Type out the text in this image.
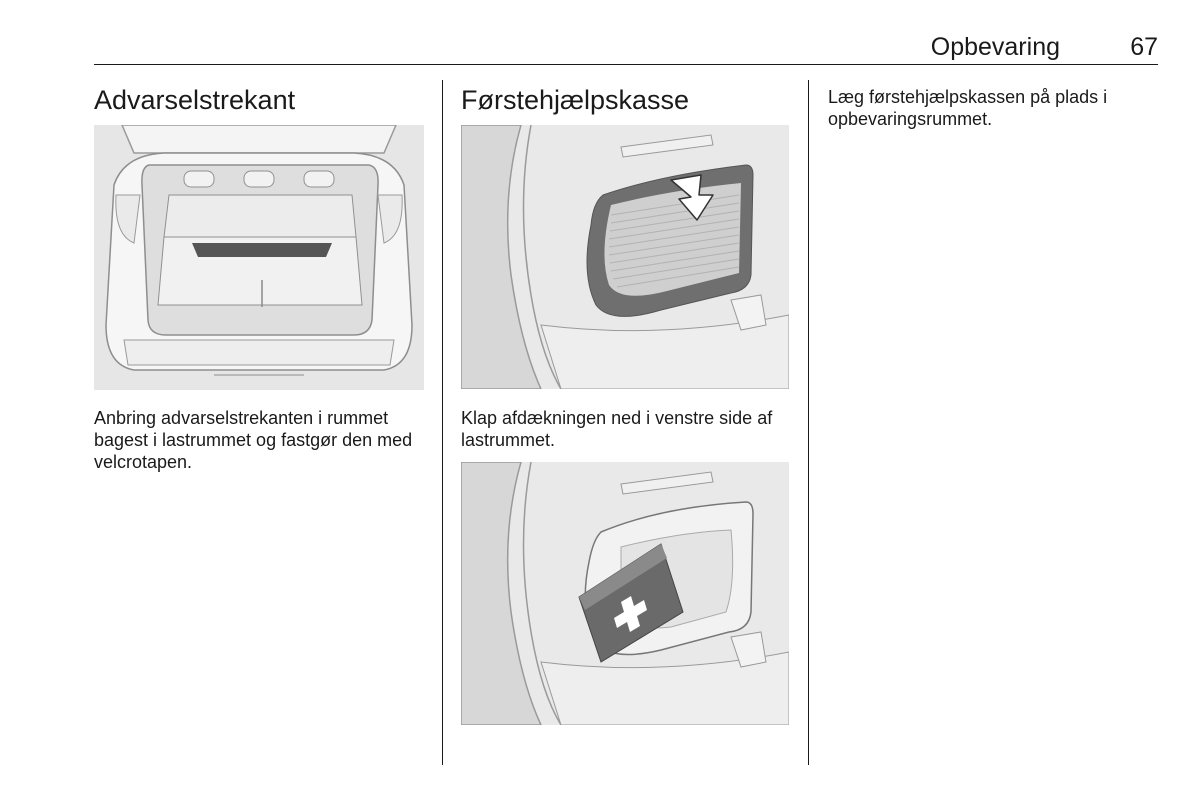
Opbevaring	67
Advarselstrekant

Anbring advarselstrekanten i rummet bagest i lastrummet og fastgør den med velcrotapen.

Førstehjælpskasse

Klap afdækningen ned i venstre side af lastrummet.

Læg førstehjælpskassen på plads i opbevaringsrummet.
